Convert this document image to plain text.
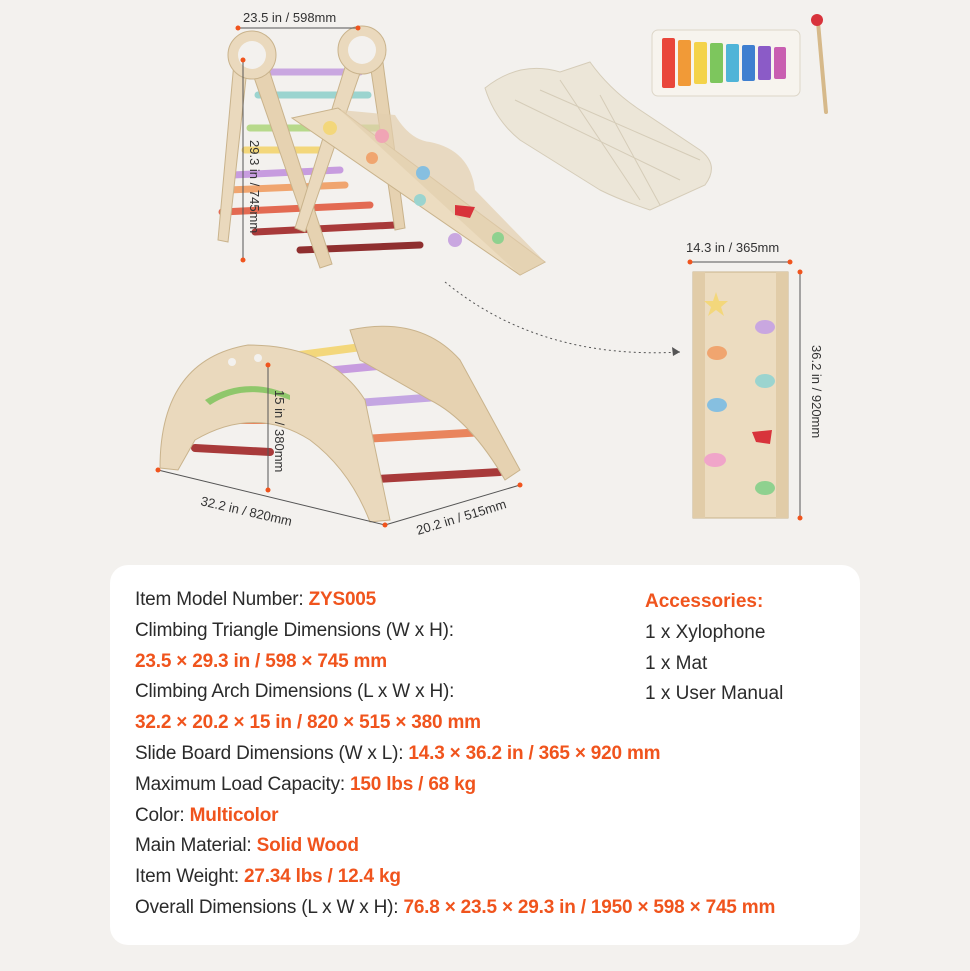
23.5 in / 598mm
29.3 in / 745mm
14.3 in / 365mm
36.2 in / 920mm
15 in / 380mm
32.2 in / 820mm	20.2 in / 515mm
Item Model Number: ZYS005
Climbing Triangle Dimensions (W x H):
23.5 × 29.3 in / 598 × 745 mm
Climbing Arch Dimensions (L x W x H):
32.2 × 20.2 × 15 in / 820 × 515 × 380 mm
Slide Board Dimensions (W x L): 14.3 × 36.2 in / 365 × 920 mm
Maximum Load Capacity: 150 lbs / 68 kg
Color: Multicolor
Main Material: Solid Wood
Item Weight: 27.34 lbs / 12.4 kg
Overall Dimensions (L x W x H): 76.8 × 23.5 × 29.3 in / 1950 × 598 × 745 mm
Accessories:
1 x Xylophone
1 x Mat
1 x User Manual
